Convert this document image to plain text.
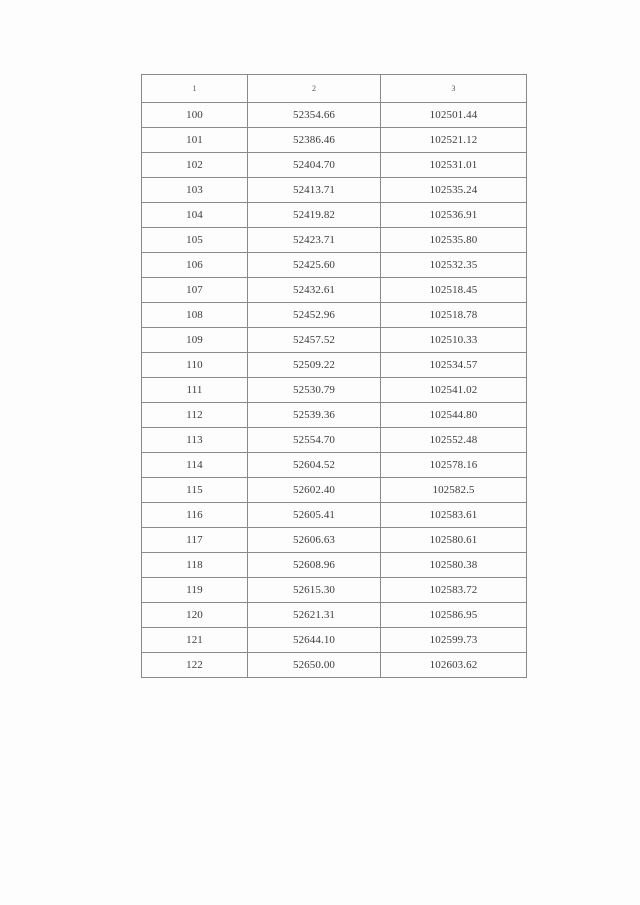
1	2	3
100	52354.66	102501.44
101	52386.46	102521.12
102	52404.70	102531.01
103	52413.71	102535.24
104	52419.82	102536.91
105	52423.71	102535.80
106	52425.60	102532.35
107	52432.61	102518.45
108	52452.96	102518.78
109	52457.52	102510.33
110	52509.22	102534.57
111	52530.79	102541.02
112	52539.36	102544.80
113	52554.70	102552.48
114	52604.52	102578.16
115	52602.40	102582.5
116	52605.41	102583.61
117	52606.63	102580.61
118	52608.96	102580.38
119	52615.30	102583.72
120	52621.31	102586.95
121	52644.10	102599.73
122	52650.00	102603.62
